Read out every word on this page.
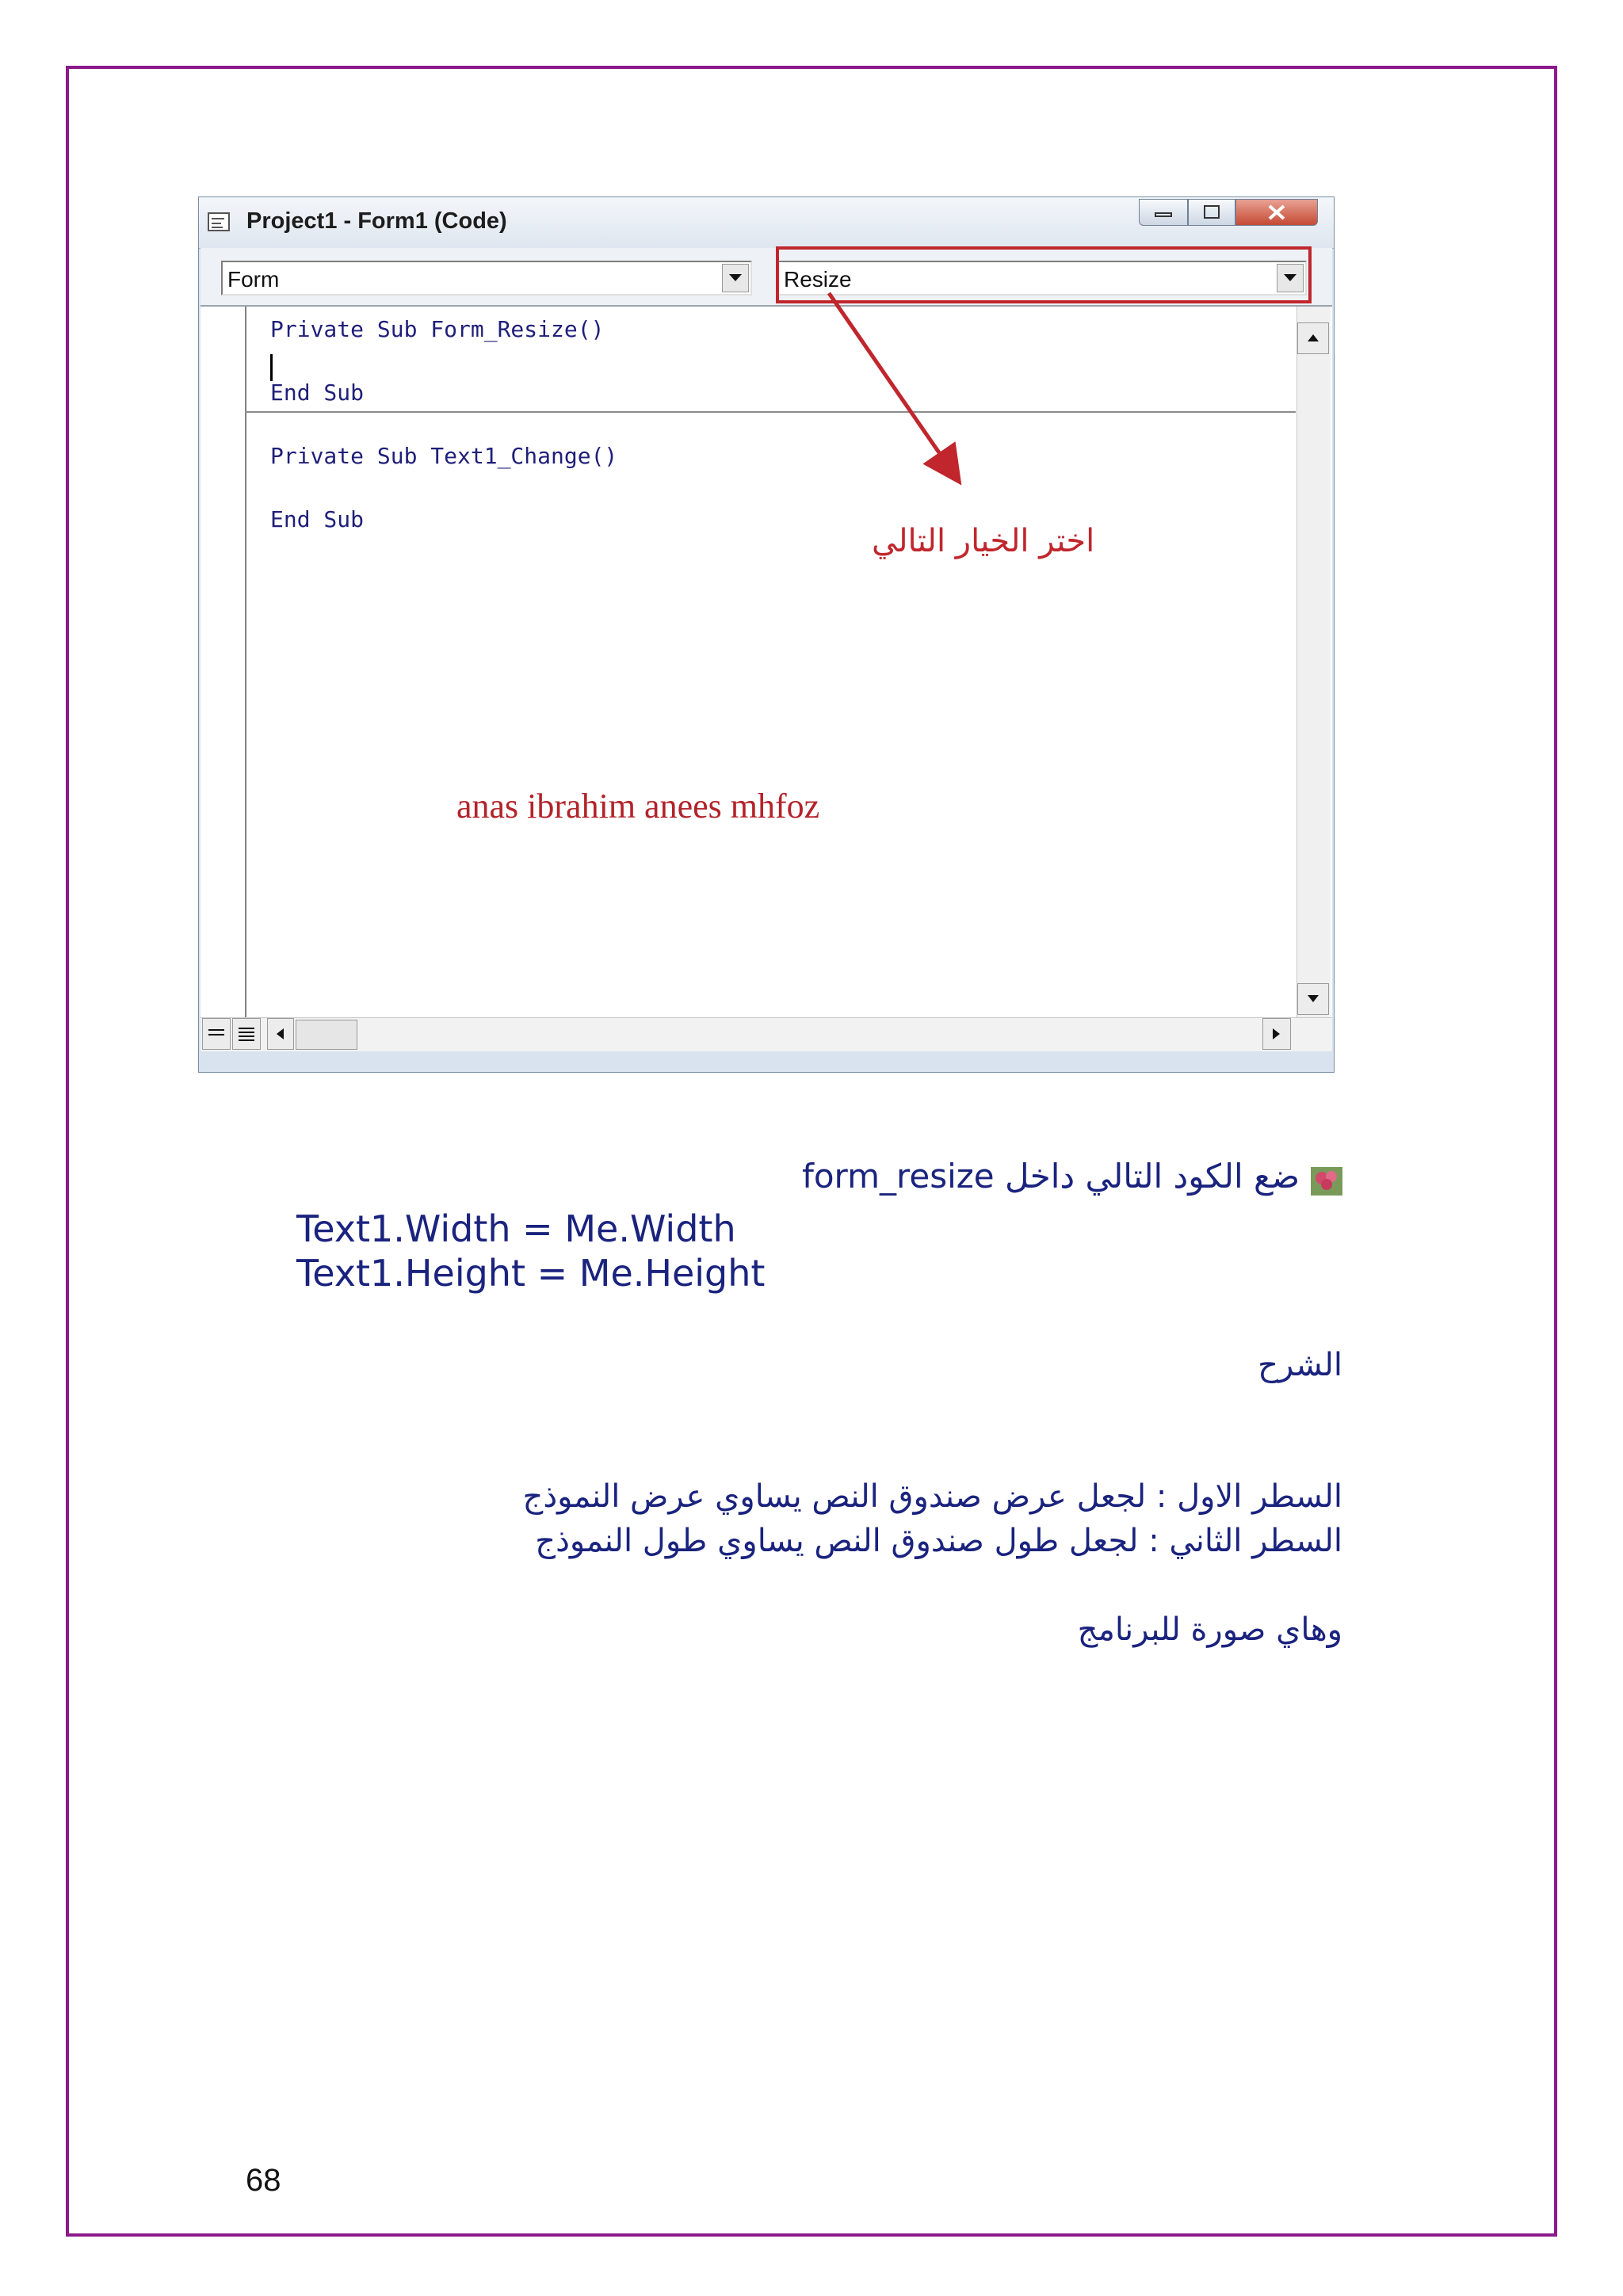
Project1 - Form1 (Code)
Form	Resize
Private Sub Form_Resize()
End Sub
Private Sub Text1_Change()
End Sub
اختر الخيار التالي
anas ibrahim anees mhfoz
ضع الكود التالي داخل form_resize
Text1.Width = Me.Width
Text1.Height = Me.Height
الشرح
السطر الاول : لجعل عرض صندوق النص يساوي عرض النموذج
السطر الثاني : لجعل طول صندوق النص يساوي طول النموذج
وهاي صورة للبرنامج
68
